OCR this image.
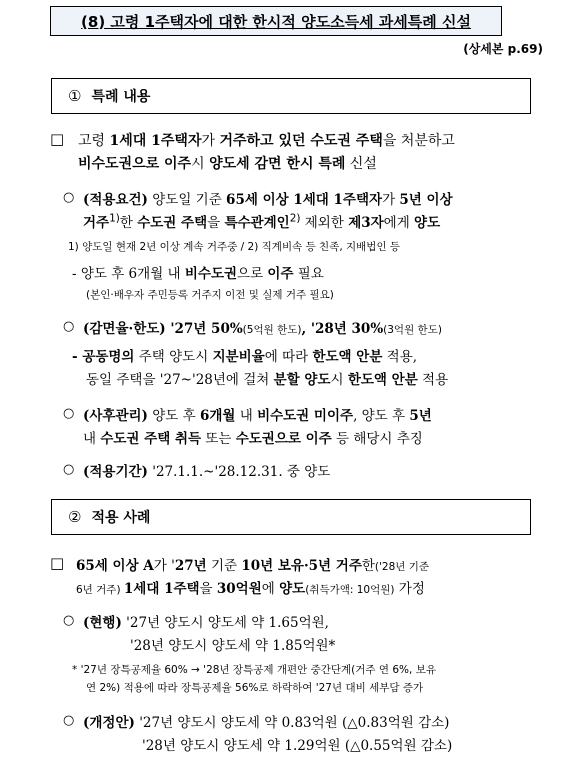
(8) 고령 1주택자에 대한 한시적 양도소득세 과세특례 신설
(상세본 p.69)
① 특례 내용
□ 고령 1세대 1주택자가 거주하고 있던 수도권 주택을 처분하고
비수도권으로 이주시 양도세 감면 한시 특례 신설
○ (적용요건) 양도일 기준 65세 이상 1세대 1주택자가 5년 이상
거주$^{1)}$한 수도권 주택을 특수관계인$^{2)}$ 제외한 제3자에게 양도
1) 양도일 현재 2년 이상 계속 거주중 / 2) 직계비속 등 친족, 지배법인 등
- 양도 후 6개월 내 비수도권으로 이주 필요
(본인·배우자 주민등록 거주지 이전 및 실제 거주 필요)
○ (감면율·한도) '27년 50%(5억원 한도), '28년 30%(3억원 한도)
- 공동명의 주택 양도시 지분비율에 따라 한도액 안분 적용,
동일 주택을 '27~'28년에 걸쳐 분할 양도시 한도액 안분 적용
○ (사후관리) 양도 후 6개월 내 비수도권 미이주, 양도 후 5년
내 수도권 주택 취득 또는 수도권으로 이주 등 해당시 추징
○ (적용기간) '27.1.1.~'28.12.31. 중 양도
② 적용 사례
□ 65세 이상 A가 '27년 기준 10년 보유·5년 거주한('28년 기준
6년 거주) 1세대 1주택을 30억원에 양도(취득가액: 10억원) 가정
○ (현행) '27년 양도시 양도세 약 1.65억원,
'28년 양도시 양도세 약 1.85억원*
* '27년 장특공제율 60% → '28년 장특공제 개편안 중간단계(거주 연 6%, 보유
연 2%) 적용에 따라 장특공제율 56%로 하락하여 '27년 대비 세부담 증가
○ (개정안) '27년 양도시 양도세 약 0.83억원 (△0.83억원 감소)
'28년 양도시 양도세 약 1.29억원 (△0.55억원 감소)
